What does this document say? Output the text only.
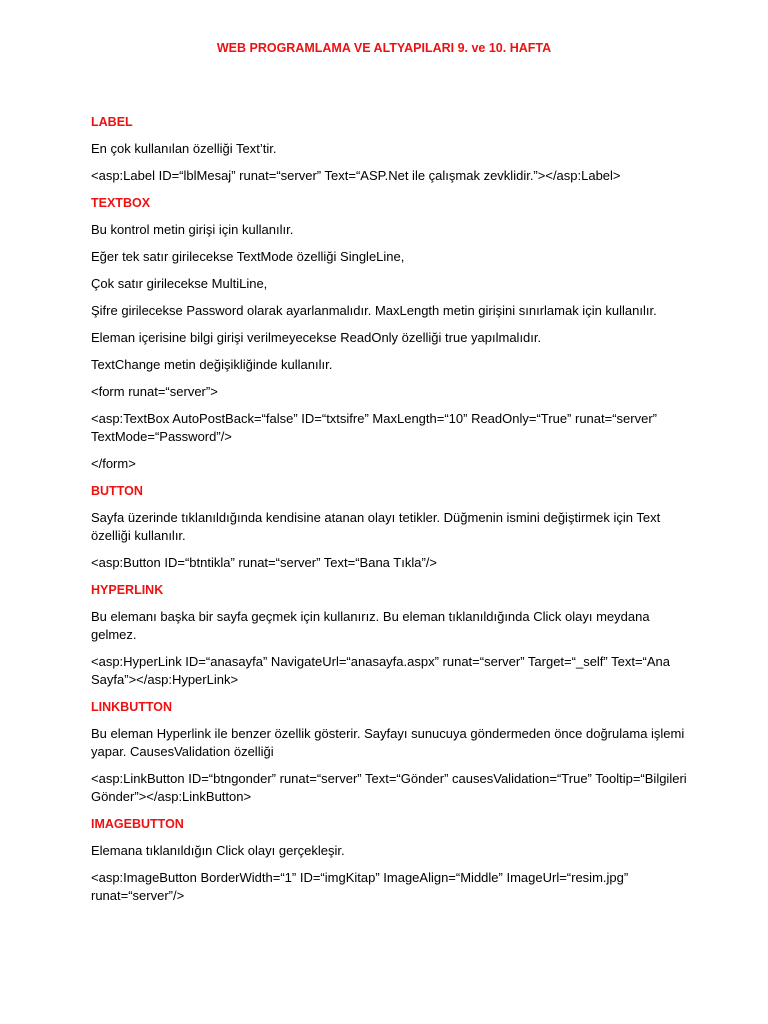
WEB PROGRAMLAMA VE ALTYAPILARI 9. ve 10. HAFTA
LABEL
En çok kullanılan özelliği Text’tir.
<asp:Label ID=“lblMesaj” runat=“server” Text=“ASP.Net ile çalışmak zevklidir.”></asp:Label>
TEXTBOX
Bu kontrol metin girişi için kullanılır.
Eğer tek satır girilecekse TextMode özelliği SingleLine,
Çok satır girilecekse MultiLine,
Şifre girilecekse Password olarak ayarlanmalıdır. MaxLength metin girişini sınırlamak için kullanılır.
Eleman içerisine bilgi girişi verilmeyecekse ReadOnly özelliği true yapılmalıdır.
TextChange metin değişikliğinde kullanılır.
<form runat=“server”>
<asp:TextBox AutoPostBack=“false” ID=“txtsifre” MaxLength=“10” ReadOnly=“True” runat=“server” TextMode=“Password”/>
</form>
BUTTON
Sayfa üzerinde tıklanıldığında kendisine atanan olayı tetikler. Düğmenin ismini değiştirmek için Text özelliği kullanılır.
<asp:Button ID=“btntikla” runat=“server” Text=“Bana Tıkla”/>
HYPERLINK
Bu elemanı başka bir sayfa geçmek için kullanırız. Bu eleman tıklanıldığında Click olayı meydana gelmez.
<asp:HyperLink ID=“anasayfa” NavigateUrl=“anasayfa.aspx” runat=“server” Target=“_self” Text=“Ana Sayfa”></asp:HyperLink>
LINKBUTTON
Bu eleman Hyperlink ile benzer özellik gösterir. Sayfayı sunucuya göndermeden önce doğrulama işlemi yapar. CausesValidation özelliği
<asp:LinkButton ID=“btngonder” runat=“server” Text=“Gönder” causesValidation=“True” Tooltip=“Bilgileri Gönder”></asp:LinkButton>
IMAGEBUTTON
Elemana tıklanıldığın Click olayı gerçekleşir.
<asp:ImageButton BorderWidth=“1” ID=“imgKitap” ImageAlign=“Middle” ImageUrl=“resim.jpg” runat=“server”/>
